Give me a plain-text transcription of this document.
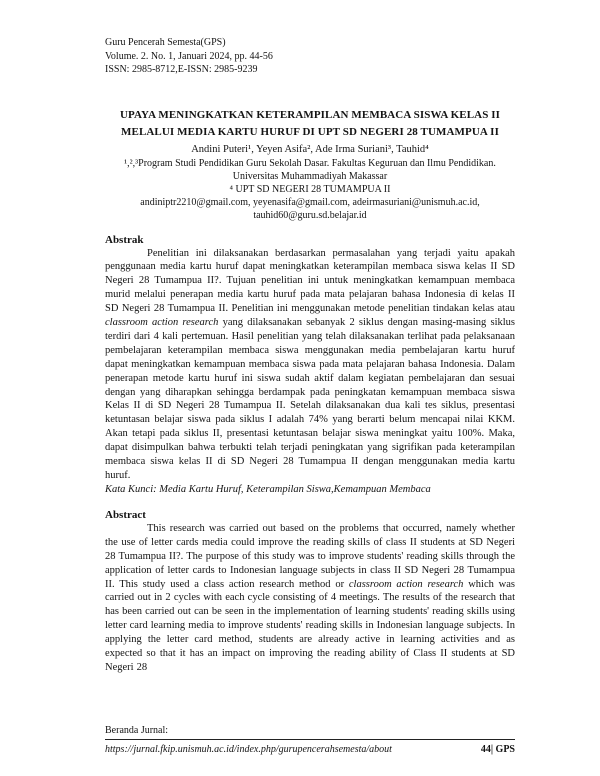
Guru Pencerah Semesta(GPS)
Volume. 2. No. 1, Januari 2024, pp. 44-56
ISSN: 2985-8712,E-ISSN: 2985-9239
UPAYA MENINGKATKAN KETERAMPILAN MEMBACA SISWA KELAS II MELALUI MEDIA KARTU HURUF DI UPT SD NEGERI 28 TUMAMPUA II
Andini Puteri¹, Yeyen Asifa², Ade Irma Suriani³, Tauhid⁴
¹,²,³Program Studi Pendidikan Guru Sekolah Dasar. Fakultas Keguruan dan Ilmu Pendidikan. Universitas Muhammadiyah Makassar
⁴ UPT SD NEGERI 28 TUMAMPUA II
andiniptr2210@gmail.com, yeyenasifa@gmail.com, adeirmasuriani@unismuh.ac.id, tauhid60@guru.sd.belajar.id
Abstrak

Penelitian ini dilaksanakan berdasarkan permasalahan yang terjadi yaitu apakah penggunaan media kartu huruf dapat meningkatkan keterampilan membaca siswa kelas II SD Negeri 28 Tumampua II?. Tujuan penelitian ini untuk meningkatkan kemampuan membaca murid melalui penerapan media kartu huruf pada mata pelajaran bahasa Indonesia di kelas II SD Negeri 28 Tumampua II. Penelitian ini menggunakan metode penelitian tindakan kelas atau classroom action research yang dilaksanakan sebanyak 2 siklus dengan masing-masing siklus terdiri dari 4 kali pertemuan. Hasil penelitian yang telah dilaksanakan terlihat pada pelaksanaan pembelajaran keterampilan membaca siswa menggunakan media pembelajaran kartu huruf dapat meningkatkan kemampuan membaca siswa pada mata pelajaran bahasa Indonesia. Dalam penerapan metode kartu huruf ini siswa sudah aktif dalam kegiatan pembelajaran dan sesuai dengan yang diharapkan sehingga berdampak pada peningkatan kemampuan membaca siswa Kelas II di SD Negeri 28 Tumampua II. Setelah dilaksanakan dua kali tes siklus, presentasi ketuntasan belajar siswa pada siklus I adalah 74% yang berarti belum mencapai nilai KKM. Akan tetapi pada siklus II, presentasi ketuntasan belajar siswa meningkat yaitu 100%. Maka, dapat disimpulkan bahwa terbukti telah terjadi peningkatan yang sigrifikan pada keterampilan membaca siswa kelas II di SD Negeri 28 Tumampua II dengan menggunakan media kartu huruf.

Kata Kunci: Media Kartu Huruf, Keterampilan Siswa,Kemampuan Membaca
Abstract

This research was carried out based on the problems that occurred, namely whether the use of letter cards media could improve the reading skills of class II students at SD Negeri 28 Tumampua II?. The purpose of this study was to improve students' reading skills through the application of letter cards to Indonesian language subjects in class II SD Negeri 28 Tumampua II. This study used a class action research method or classroom action research which was carried out in 2 cycles with each cycle consisting of 4 meetings. The results of the research that has been carried out can be seen in the implementation of learning students' reading skills using letter card learning media to improve students' reading skills in Indonesian language subjects. In applying the letter card method, students are already active in learning activities and as expected so that it has an impact on improving the reading ability of Class II students at SD Negeri 28

Beranda Jurnal:
https://jurnal.fkip.unismuh.ac.id/index.php/gurupencerahsemesta/about	44| GPS
